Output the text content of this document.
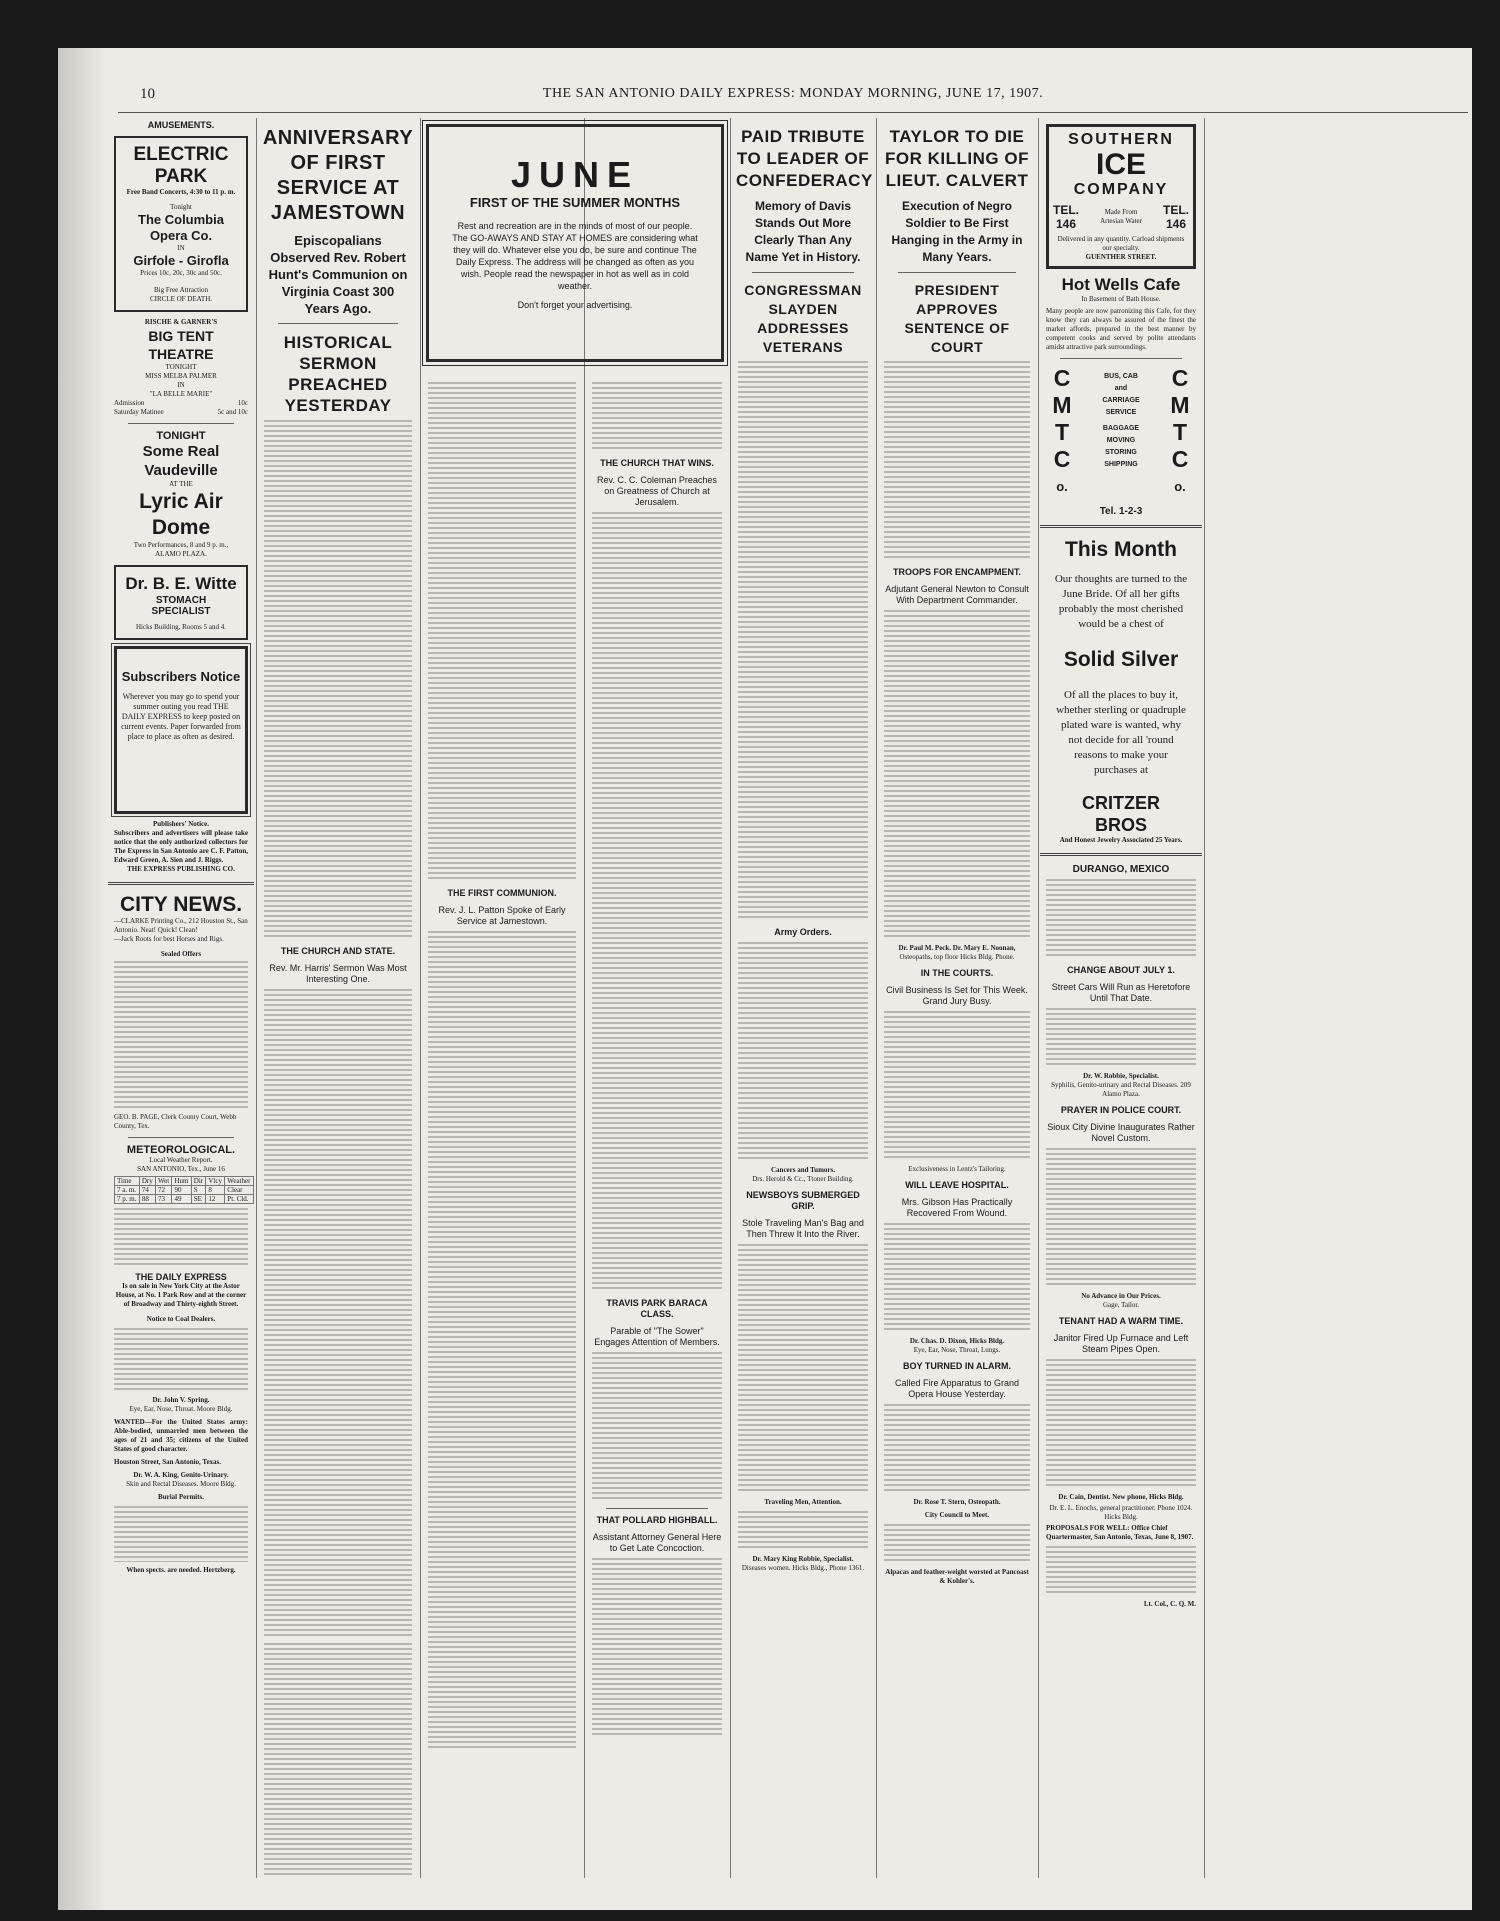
10	THE SAN ANTONIO DAILY EXPRESS: MONDAY MORNING, JUNE 17, 1907.
AMUSEMENTS.
ELECTRIC PARK
Free Band Concerts, 4:30 to 11 p. m.
Tonight
The Columbia Opera Co.
IN
Girfole - Girofla
Prices 10c, 20c, 30c and 50c.
Big Free Attraction
CIRCLE OF DEATH.
RISCHE & GARNER'S
BIG TENT THEATRE
TONIGHT
MISS MELBA PALMER
IN
"LA BELLE MARIE"
Admission	10c
Saturday Matinee	5c and 10c
TONIGHT
Some Real Vaudeville
AT THE
Lyric Air Dome
Two Performances, 8 and 9 p. m.,
ALAMO PLAZA.
Dr. B. E. Witte
STOMACH
SPECIALIST
Hicks Building, Rooms 5 and 4.
Subscribers Notice
Wherever you may go to spend your summer outing you read THE DAILY EXPRESS to keep posted on current events. Paper forwarded from place to place as often as desired.
Publishers' Notice.
Subscribers and advertisers will please take notice that the only authorized collectors for The Express in San Antonio are C. F. Patton, Edward Green, A. Sien and J. Riggs.
THE EXPRESS PUBLISHING CO.
CITY NEWS.
—CLARKE Printing Co., 212 Houston St., San Antonio. Neat! Quick! Clean!
—Jack Roots for best Horses and Rigs.
Sealed Offers
GEO. B. PAGE, Clerk County Court, Webb County, Tex.
METEOROLOGICAL.
Local Weather Report.
SAN ANTONIO, Tex., June 16
Time	Dry	Wet	Hum	Dir	Vlcy	Weather
7 a. m.	74	72	90	S	8	Clear
7 p. m.	88	73	49	SE	12	Pt. Cld.
THE DAILY EXPRESS
Is on sale in New York City at the Astor House, at No. 1 Park Row and at the corner of Broadway and Thirty-eighth Street.
Notice to Coal Dealers.
Dr. John V. Spring.
Eye, Ear, Nose, Throat. Moore Bldg.
WANTED—For the United States army: Able-bodied, unmarried men between the ages of 21 and 35; citizens of the United States of good character.
Houston Street, San Antonio, Texas.
Dr. W. A. King, Genito-Urinary.
Skin and Rectal Diseases. Moore Bldg.
Burial Permits.
When spects. are needed. Hertzberg.
ANNIVERSARY OF FIRST SERVICE AT JAMESTOWN
Episcopalians Observed Rev. Robert Hunt's Communion on Virginia Coast 300 Years Ago.
HISTORICAL SERMON PREACHED YESTERDAY
THE CHURCH AND STATE.
Rev. Mr. Harris' Sermon Was Most Interesting One.
JUNE
FIRST OF THE SUMMER MONTHS
Rest and recreation are in the minds of most of our people. The GO-AWAYS AND STAY AT HOMES are considering what they will do. Whatever else you do, be sure and continue The Daily Express. The address will be changed as often as you wish. People read the newspaper in hot as well as in cold weather.
Don't forget your advertising.
THE FIRST COMMUNION.
Rev. J. L. Patton Spoke of Early Service at Jamestown.
THE CHURCH THAT WINS.
Rev. C. C. Coleman Preaches on Greatness of Church at Jerusalem.
TRAVIS PARK BARACA CLASS.
Parable of "The Sower" Engages Attention of Members.
THAT POLLARD HIGHBALL.
Assistant Attorney General Here to Get Late Concoction.
PAID TRIBUTE TO LEADER OF CONFEDERACY
Memory of Davis Stands Out More Clearly Than Any Name Yet in History.
CONGRESSMAN SLAYDEN ADDRESSES VETERANS
Army Orders.
Cancers and Tumors.
Drs. Herold & Cc., Ttoner Building.
NEWSBOYS SUBMERGED GRIP.
Stole Traveling Man's Bag and Then Threw It Into the River.
Traveling Men, Attention.
Dr. Mary King Robbie, Specialist.
Diseases women. Hicks Bldg., Phone 1361.
TAYLOR TO DIE FOR KILLING OF LIEUT. CALVERT
Execution of Negro Soldier to Be First Hanging in the Army in Many Years.
PRESIDENT APPROVES SENTENCE OF COURT
TROOPS FOR ENCAMPMENT.
Adjutant General Newton to Consult With Department Commander.
Dr. Paul M. Peck. Dr. Mary E. Noonan,
Osteopaths, top floor Hicks Bldg. Phone.
IN THE COURTS.
Civil Business Is Set for This Week. Grand Jury Busy.
Exclusiveness in Lentz's Tailoring.
WILL LEAVE HOSPITAL.
Mrs. Gibson Has Practically Recovered From Wound.
Dr. Chas. D. Dixon, Hicks Bldg.
Eye, Ear, Nose, Throat, Lungs.
BOY TURNED IN ALARM.
Called Fire Apparatus to Grand Opera House Yesterday.
Dr. Rose T. Stern, Osteopath.
City Council to Meet.
Alpacas and feather-weight worsted at Pancoast & Kohler's.
SOUTHERN
ICE
COMPANY
TEL.
146
Made From Artesian Water
TEL.
146
Delivered in any quantity. Carload shipments our specialty.
GUENTHER STREET.
Hot Wells Cafe
In Basement of Bath House.
Many people are now patronizing this Cafe, for they know they can always be assured of the finest the market affords, prepared in the best manner by competent cooks and served by polite attendants amidst attractive park surroundings.
C
M
T
C
o.
BUS, CAB
and
CARRIAGE
SERVICE
BAGGAGE
MOVING
STORING
SHIPPING
C
M
T
C
o.
Tel. 1-2-3
This Month
Our thoughts are turned to the June Bride. Of all her gifts probably the most cherished would be a chest of
Solid Silver
Of all the places to buy it, whether sterling or quadruple plated ware is wanted, why not decide for all 'round reasons to make your purchases at
CRITZER BROS
And Honest Jewelry Associated 25 Years.
DURANGO, MEXICO
CHANGE ABOUT JULY 1.
Street Cars Will Run as Heretofore Until That Date.
Dr. W. Robbie, Specialist.
Syphilis, Genito-urinary and Rectal Diseases. 209 Alamo Plaza.
PRAYER IN POLICE COURT.
Sioux City Divine Inaugurates Rather Novel Custom.
No Advance in Our Prices.
Gage, Tailor.
TENANT HAD A WARM TIME.
Janitor Fired Up Furnace and Left Steam Pipes Open.
Dr. Cain, Dentist. New phone, Hicks Bldg.
Dr. E. L. Enochs, general practitioner. Phone 1024. Hicks Bldg.
PROPOSALS FOR WELL: Office Chief Quartermaster, San Antonio, Texas, June 8, 1907.
Lt. Col., C. Q. M.
